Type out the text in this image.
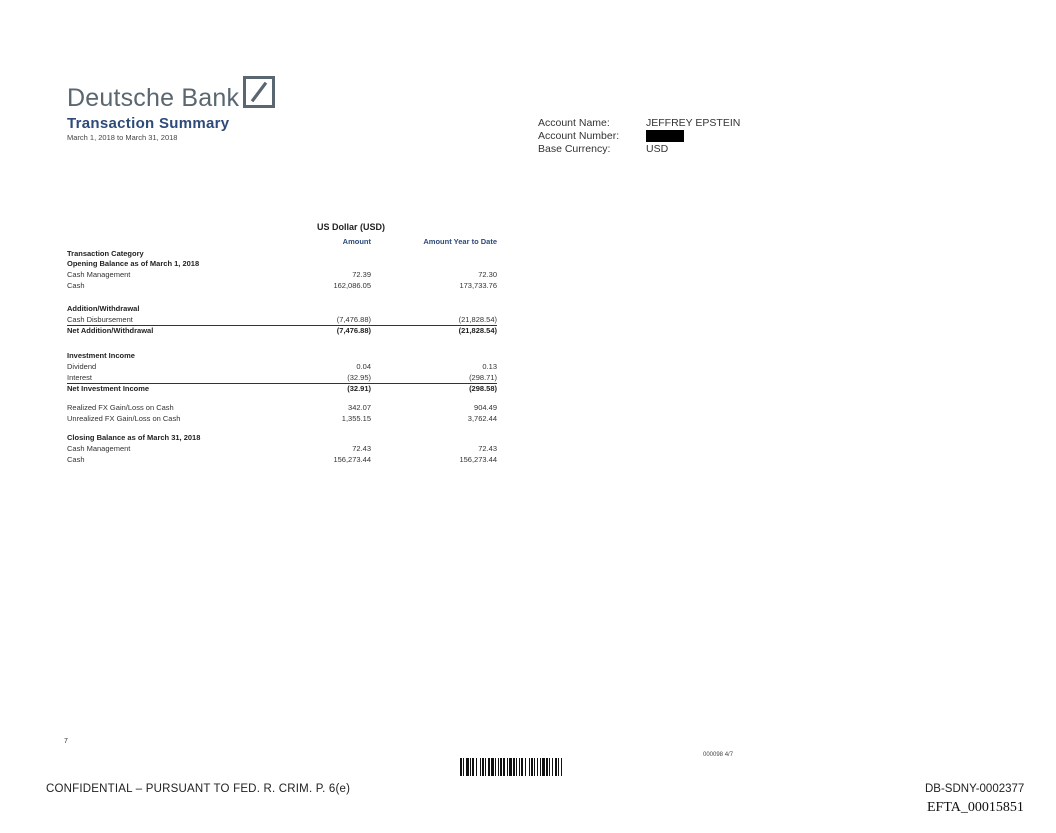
Deutsche Bank
Transaction Summary
March 1, 2018 to March 31, 2018
Account Name:	JEFFREY EPSTEIN
Account Number:
Base Currency:	USD
US Dollar (USD)
Amount	Amount Year to Date
Transaction Category
Opening Balance as of March 1, 2018
Cash Management	72.39	72.30
Cash	162,086.05	173,733.76
Addition/Withdrawal
Cash Disbursement	(7,476.88)	(21,828.54)
Net Addition/Withdrawal	(7,476.88)	(21,828.54)
Investment Income
Dividend	0.04	0.13
Interest	(32.95)	(298.71)
Net Investment Income	(32.91)	(298.58)
Realized FX Gain/Loss on Cash	342.07	904.49
Unrealized FX Gain/Loss on Cash	1,355.15	3,762.44
Closing Balance as of March 31, 2018
Cash Management	72.43	72.43
Cash	156,273.44	156,273.44
7
000098 4/7
CONFIDENTIAL – PURSUANT TO FED. R. CRIM. P. 6(e)	DB-SDNY-0002377
EFTA_00015851
